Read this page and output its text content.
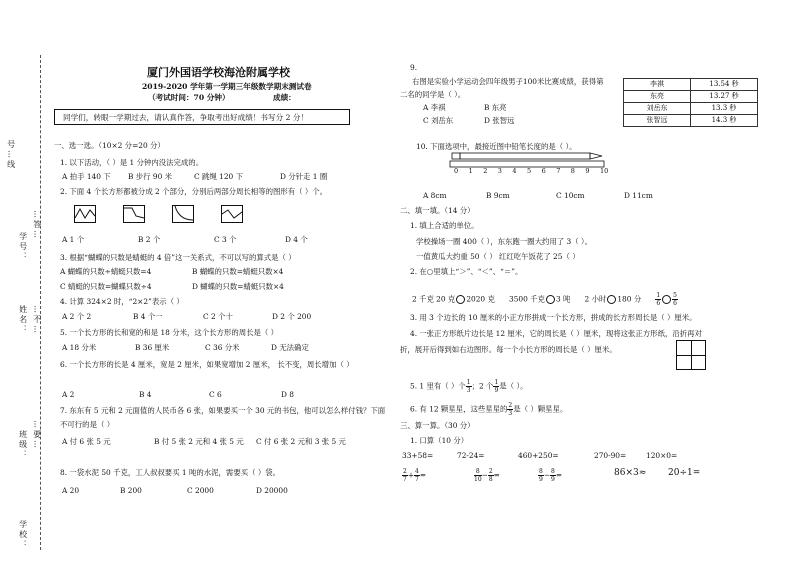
号…线
学号：
姓名： …不…
班级： …要…
学校：
…答…
厦门外国语学校海沧附属学校
2019-2020 学年第一学期三年级数学期末测试卷
（考试时间：70 分钟）	成绩：
同学们，转眼一学期过去，请认真作答，争取考出好成绩！书写分 2 分！
一、选一选。（10×2 分=20 分）
1. 以下活动，（ ）是 1 分钟内没法完成的。
A 拍手 140 下 B 步行 90 米	C 跳绳 120 下	D 分针走 1 圈
2. 下面 4 个长方形都被分成 2 个部分，分别后两部分周长相等的图形有（ ）个。
A 1 个	B 2 个	C 3 个	D 4 个
3. 根据“蝴蝶的只数是蜻蜓的 4 倍”这一关系式，不可以写的算式是（ ）
A 蝴蝶的只数÷蜻蜓只数=4	B 蝴蝶的只数=蜻蜓只数×4
C 蜻蜓的只数=蝴蝶只数÷4	D 蝴蝶的只数=蜻蜓只数×4
4. 计算 324×2 时，“2×2”表示（ ）
A 2 个 2	B 4 个一	C 2 个十	D 2 个 200
5. 一个长方形的长和宽的和是 18 分米，这个长方形的周长是（ ）
A 18 分米	B 36 厘米	C 36 分米	D 无法确定
6. 一个长方形的长是 4 厘米，宽是 2 厘米，如果宽增加 2 厘米， 长不变，周长增加（ ）
A 2	B 4	C 6	D 8
7. 东东有 5 元和 2 元面值的人民币各 6 张，如果要买一个 30 元的书包，他可以怎么样付钱？下面
不可行的是（ ）
A 付 6 张 5 元	B 付 5 张 2 元和 4 张 5 元 C 付 6 张 2 元和 3 张 5 元
8. 一袋水泥 50 千克，工人叔叔要买 1 吨的水泥，需要买（ ）袋。
A 20	B 200	C 2000	D 20000
9.
右图是实验小学运动会四年级男子100米比赛成绩，获得第
二名的同学是（ ）。
A 李祺	B 东亮
C 刘岳东	D 张智远
李祺	13.54 秒
东亮	13.27 秒
刘岳东	13.3 秒
张智远	14.3 秒
10. 下面选项中，最接近图中铅笔长度的是（ ）。
0 1 2 3 4 5 6 7 8 9 10
A 8cm	B 9cm	C 10cm	D 11cm
二、填一填。（14 分）
1. 填上合适的单位。
学校操场一圈 400（ ），东东跑一圈大约用了 3（ ）。
一值黄瓜大约重 50（ ） 红红吃午饭花了 25（ ）
2. 在○里填上“＞”、“＜”、“＝”。
2 千克 20 克 2020 克 3500 千克 3 吨 2 小时 180 分 $\frac{1}{6} \frac{5}{6}$
3. 用 3 个边长的 10 厘米的小正方形拼成一个长方形，拼成的长方形周长是（ ）厘米。
4. 一张正方形纸片边长是 12 厘米，它的周长是（ ）厘米，现将这张正方形纸，沿折再对
折，展开后得到如右边图形。每一个小长方形的周长是（ ）厘米。
5. 1 里有（ ）个 $\frac{1}{3}$ ；2 个 $\frac{1}{9}$ 是（ ）。
6. 有 12 颗星星，这些星星的 $\frac{2}{3}$ 是（ ）颗星星。
三、算一算。（30 分）
1. 口算（10 分）
33+58=	72-24=	460+250=	270-90=	120×0=
$\frac{2}{7} + \frac{4}{7}$ =	$\frac{8}{10} - \frac{2}{8}$ =	$\frac{8}{9} - \frac{8}{9}$ =	86×3≈ 20÷1=
